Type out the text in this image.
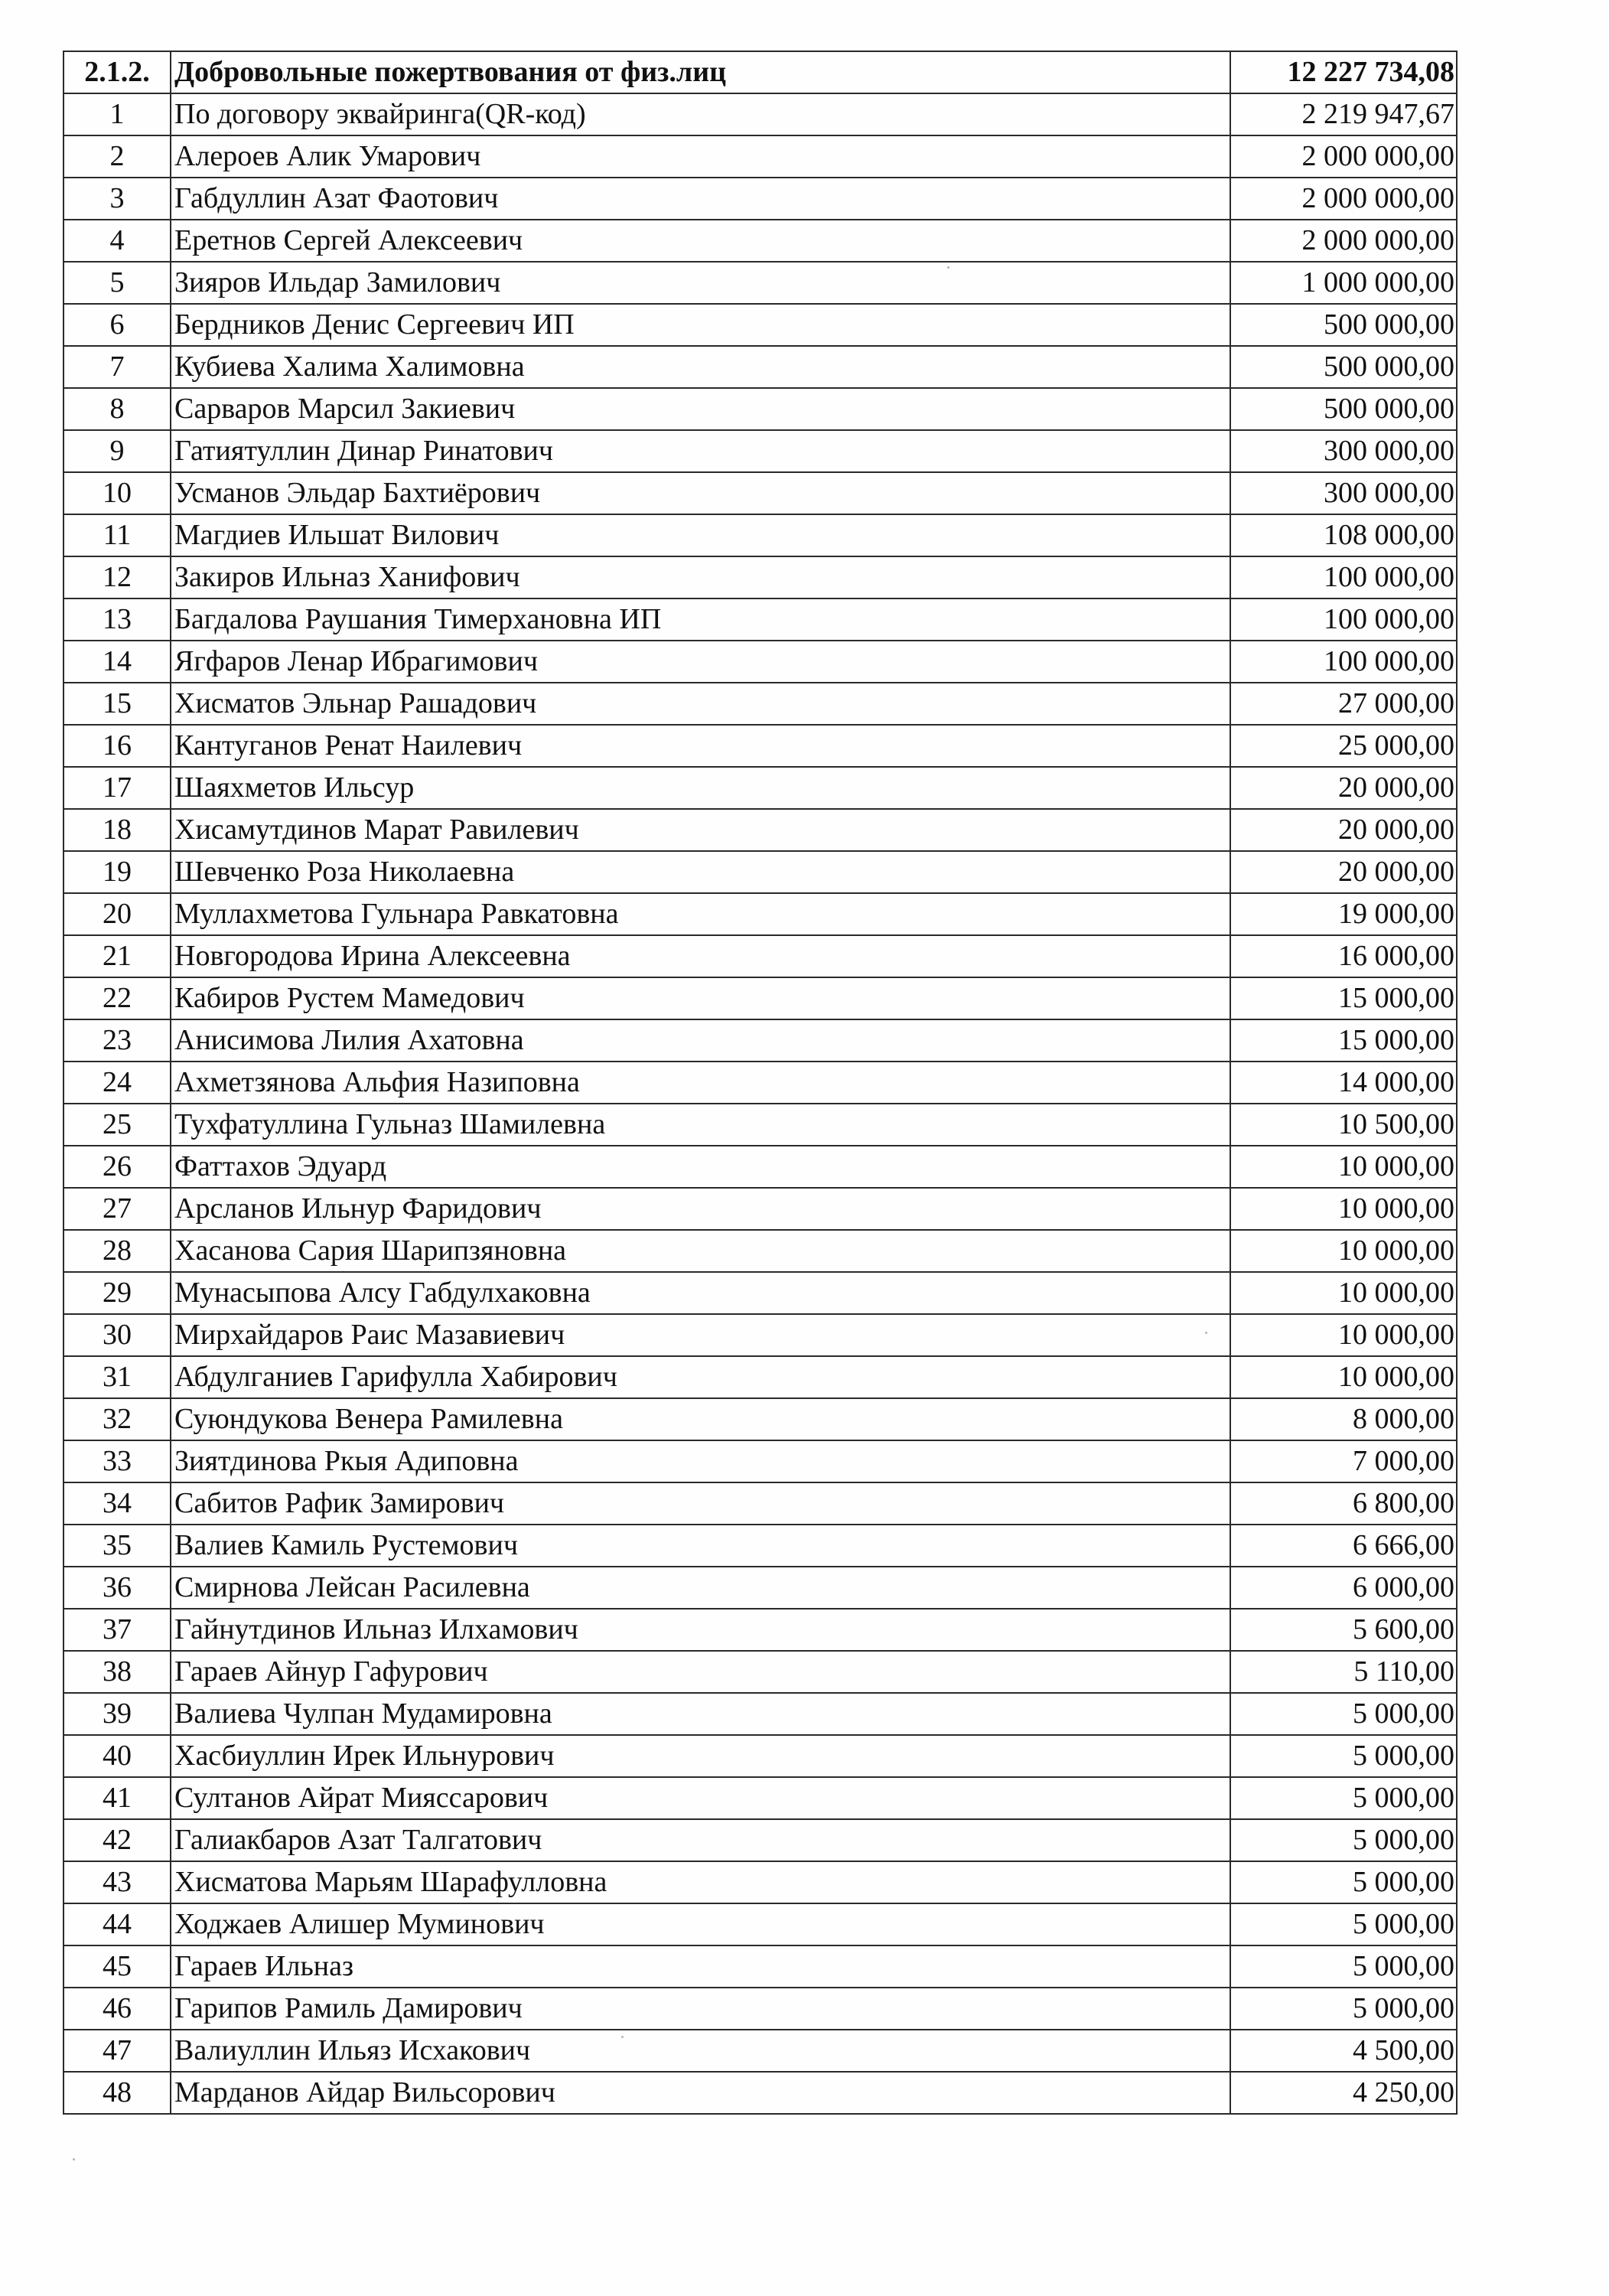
2.1.2.	Добровольные пожертвования от физ.лиц	12 227 734,08
1	По договору эквайринга(QR-код)	2 219 947,67
2	Алероев Алик Умарович	2 000 000,00
3	Габдуллин Азат Фаотович	2 000 000,00
4	Еретнов Сергей Алексеевич	2 000 000,00
5	Зияров Ильдар Замилович	1 000 000,00
6	Бердников Денис Сергеевич ИП	500 000,00
7	Кубиева Халима Халимовна	500 000,00
8	Сарваров Марсил Закиевич	500 000,00
9	Гатиятуллин Динар Ринатович	300 000,00
10	Усманов Эльдар Бахтиёрович	300 000,00
11	Магдиев Ильшат Вилович	108 000,00
12	Закиров Ильназ Ханифович	100 000,00
13	Багдалова Раушания Тимерхановна ИП	100 000,00
14	Ягфаров Ленар Ибрагимович	100 000,00
15	Хисматов Эльнар Рашадович	27 000,00
16	Кантуганов Ренат Наилевич	25 000,00
17	Шаяхметов Ильсур	20 000,00
18	Хисамутдинов Марат Равилевич	20 000,00
19	Шевченко Роза Николаевна	20 000,00
20	Муллахметова Гульнара Равкатовна	19 000,00
21	Новгородова Ирина Алексеевна	16 000,00
22	Кабиров Рустем Мамедович	15 000,00
23	Анисимова Лилия Ахатовна	15 000,00
24	Ахметзянова Альфия Назиповна	14 000,00
25	Тухфатуллина Гульназ Шамилевна	10 500,00
26	Фаттахов Эдуард	10 000,00
27	Арсланов Ильнур Фаридович	10 000,00
28	Хасанова Сария Шарипзяновна	10 000,00
29	Мунасыпова Алсу Габдулхаковна	10 000,00
30	Мирхайдаров Раис Мазавиевич	10 000,00
31	Абдулганиев Гарифулла Хабирович	10 000,00
32	Суюндукова Венера Рамилевна	8 000,00
33	Зиятдинова Ркыя Адиповна	7 000,00
34	Сабитов Рафик Замирович	6 800,00
35	Валиев Камиль Рустемович	6 666,00
36	Смирнова Лейсан Расилевна	6 000,00
37	Гайнутдинов Ильназ Илхамович	5 600,00
38	Гараев Айнур Гафурович	5 110,00
39	Валиева Чулпан Мудамировна	5 000,00
40	Хасбиуллин Ирек Ильнурович	5 000,00
41	Султанов Айрат Мияссарович	5 000,00
42	Галиакбаров Азат Талгатович	5 000,00
43	Хисматова Марьям Шарафулловна	5 000,00
44	Ходжаев Алишер Муминович	5 000,00
45	Гараев Ильназ	5 000,00
46	Гарипов Рамиль Дамирович	5 000,00
47	Валиуллин Ильяз Исхакович	4 500,00
48	Марданов Айдар Вильсорович	4 250,00
